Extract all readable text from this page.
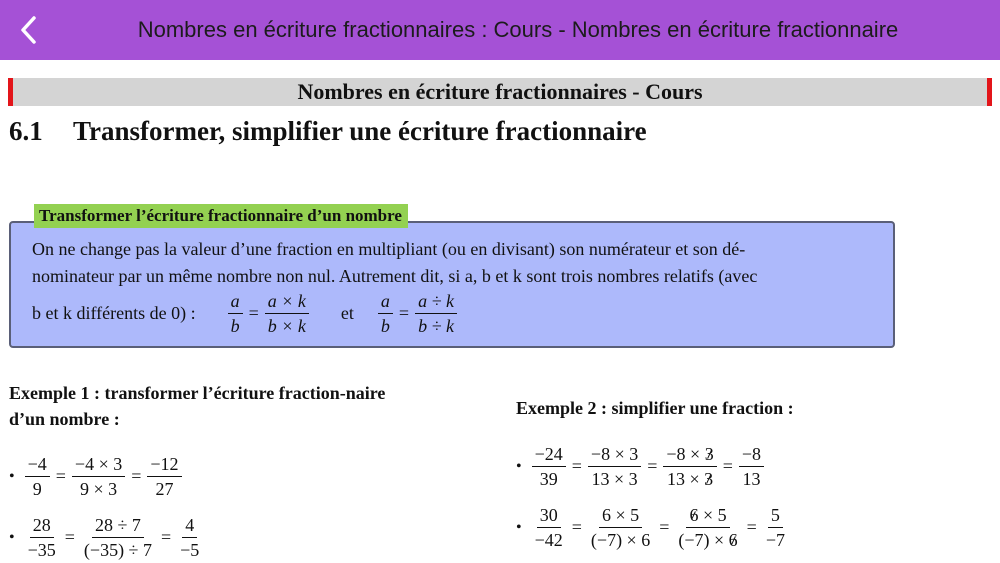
Nombres en écriture fractionnaires : Cours - Nombres en écriture fractionnaire
Nombres en écriture fractionnaires - Cours
6.1 Transformer, simplifier une écriture fractionnaire
Transformer l’écriture fractionnaire d’un nombre

On ne change pas la valeur d’une fraction en multipliant (ou en divisant) son numérateur et son dé-

nominateur par un même nombre non nul. Autrement dit, si a, b et k sont trois nombres relatifs (avec

b et k différents de 0) : $\frac{a}{b} = \frac{a \times k}{b \times k}$ et $\frac{a}{b} = \frac{a \div k}{b \div k}$
Exemple 1 : transformer l’écriture fraction-naire d’un nombre :
Exemple 2 : simplifier une fraction :
• $\frac{-4}{9} = \frac{-4 \times 3}{9 \times 3} = \frac{-12}{27}$
• $\frac{28}{-35} = \frac{28 \div 7}{(-35) \div 7} = \frac{4}{-5}$
• $\frac{-24}{39} = \frac{-8 \times 3}{13 \times 3} = \frac{-8 \times 3}{13 \times 3} = \frac{-8}{13}$
• $\frac{30}{-42} = \frac{6 \times 5}{(-7) \times 6} = \frac{6 \times 5}{(-7) \times 6} = \frac{5}{-7}$
